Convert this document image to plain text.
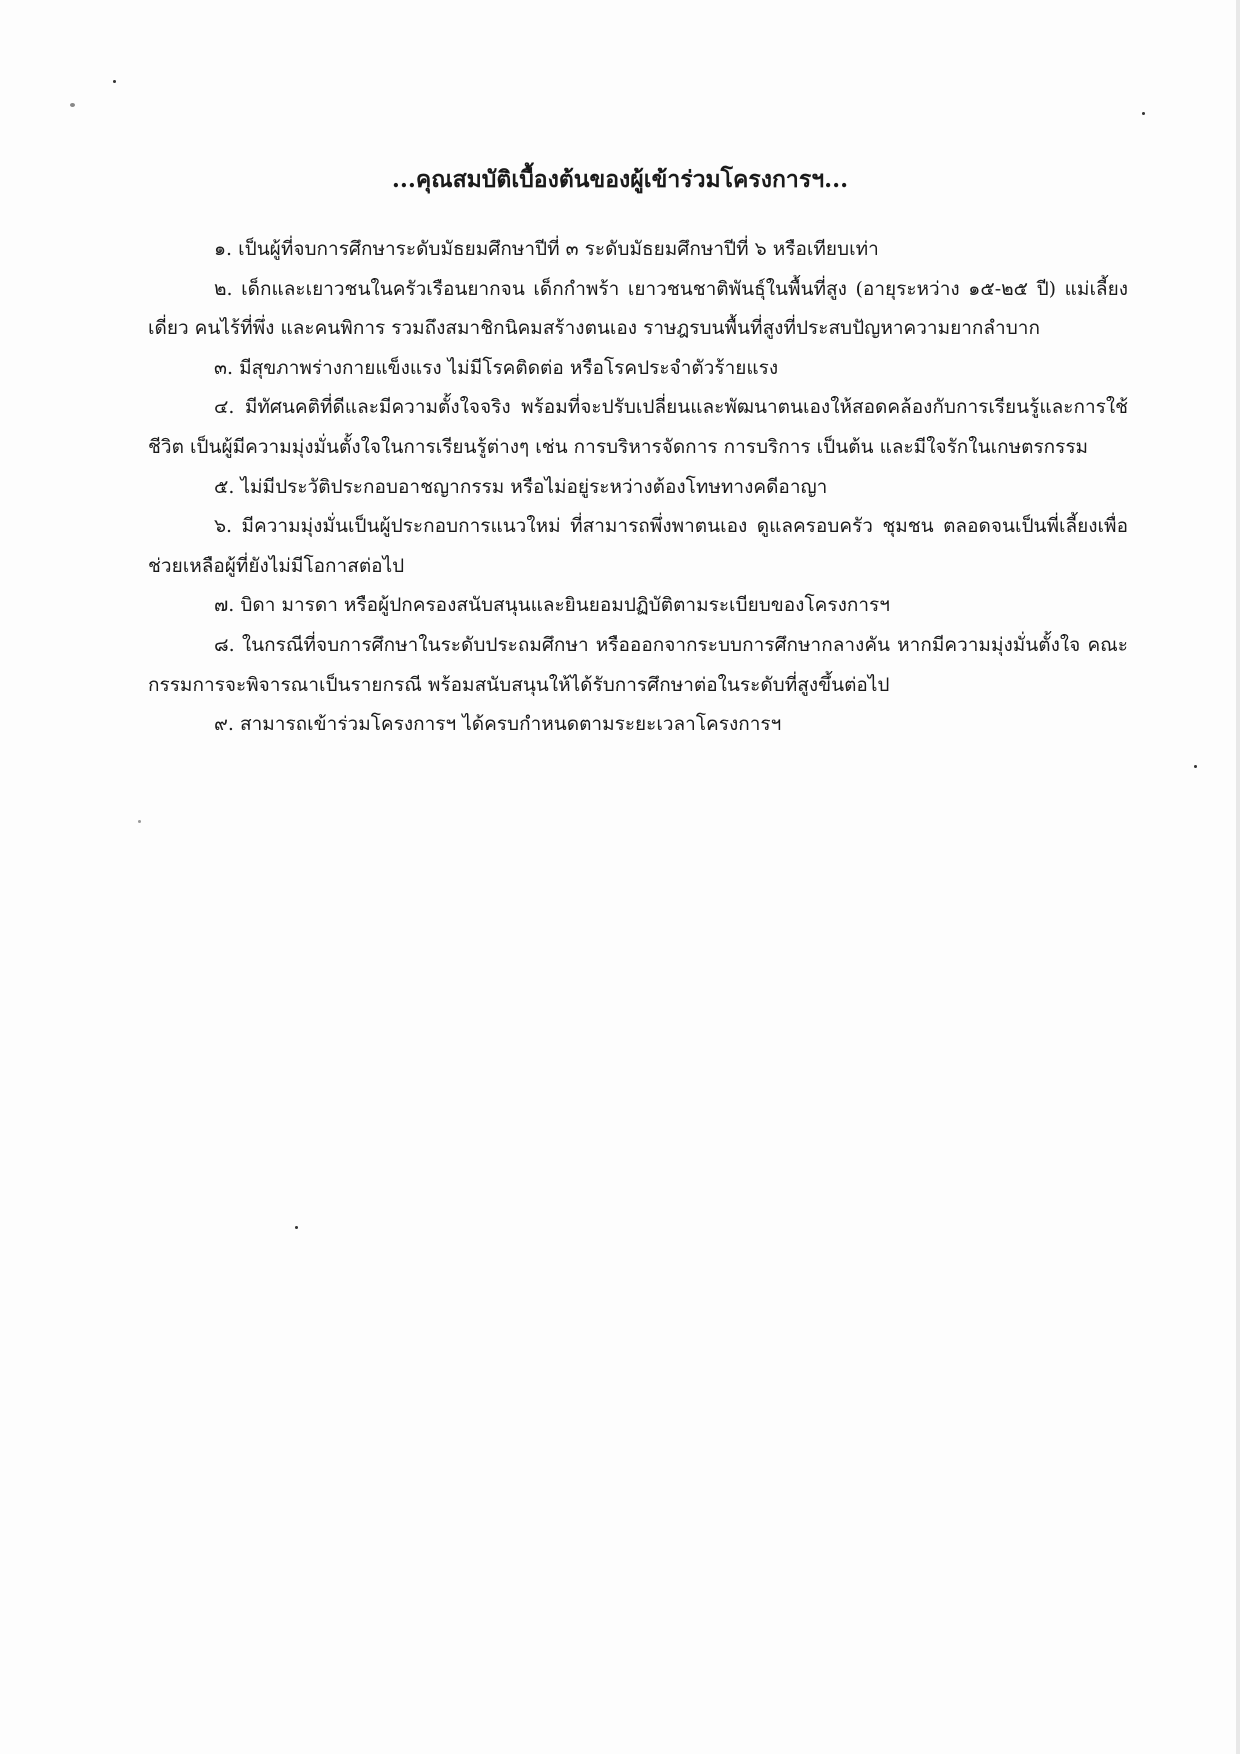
...คุณสมบัติเบื้องต้นของผู้เข้าร่วมโครงการฯ...

๑. เป็นผู้ที่จบการศึกษาระดับมัธยมศึกษาปีที่ ๓ ระดับมัธยมศึกษาปีที่ ๖ หรือเทียบเท่า

๒. เด็กและเยาวชนในครัวเรือนยากจน เด็กกำพร้า เยาวชนชาติพันธุ์ในพื้นที่สูง (อายุระหว่าง ๑๕-๒๕ ปี) แม่เลี้ยงเดี่ยว คนไร้ที่พึ่ง และคนพิการ รวมถึงสมาชิกนิคมสร้างตนเอง ราษฎรบนพื้นที่สูงที่ประสบปัญหาความยากลำบาก

๓. มีสุขภาพร่างกายแข็งแรง ไม่มีโรคติดต่อ หรือโรคประจำตัวร้ายแรง

๔. มีทัศนคติที่ดีและมีความตั้งใจจริง พร้อมที่จะปรับเปลี่ยนและพัฒนาตนเองให้สอดคล้องกับการเรียนรู้และการใช้ชีวิต เป็นผู้มีความมุ่งมั่นตั้งใจในการเรียนรู้ต่างๆ เช่น การบริหารจัดการ การบริการ เป็นต้น และมีใจรักในเกษตรกรรม

๕. ไม่มีประวัติประกอบอาชญากรรม หรือไม่อยู่ระหว่างต้องโทษทางคดีอาญา

๖. มีความมุ่งมั่นเป็นผู้ประกอบการแนวใหม่ ที่สามารถพึ่งพาตนเอง ดูแลครอบครัว ชุมชน ตลอดจนเป็นพี่เลี้ยงเพื่อช่วยเหลือผู้ที่ยังไม่มีโอกาสต่อไป

๗. บิดา มารดา หรือผู้ปกครองสนับสนุนและยินยอมปฏิบัติตามระเบียบของโครงการฯ

๘. ในกรณีที่จบการศึกษาในระดับประถมศึกษา หรือออกจากระบบการศึกษากลางคัน หากมีความมุ่งมั่นตั้งใจ คณะกรรมการจะพิจารณาเป็นรายกรณี พร้อมสนับสนุนให้ได้รับการศึกษาต่อในระดับที่สูงขึ้นต่อไป

๙. สามารถเข้าร่วมโครงการฯ ได้ครบกำหนดตามระยะเวลาโครงการฯ
